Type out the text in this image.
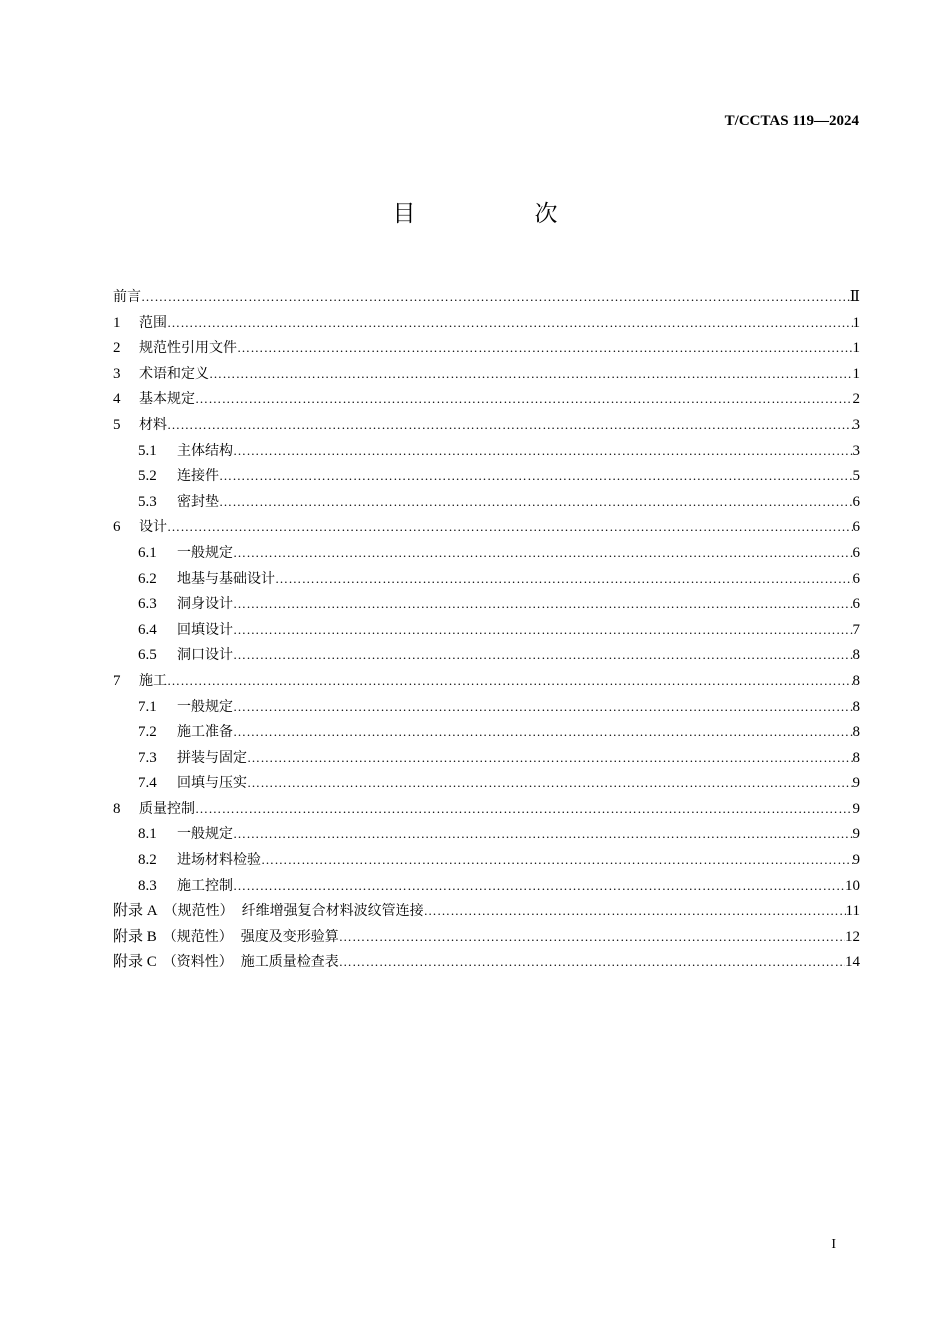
T/CCTAS 119—2024
目　次
前言 …………………………………………………………………………………………………………………………………………………………………………………………………………	Ⅱ
1	范围 …………………………………………………………………………………………………………………………………………………………………………………………………………	1
2	规范性引用文件 …………………………………………………………………………………………………………………………………………………………………………………………………………	1
3	术语和定义 …………………………………………………………………………………………………………………………………………………………………………………………………………	1
4	基本规定 …………………………………………………………………………………………………………………………………………………………………………………………………………	2
5	材料 …………………………………………………………………………………………………………………………………………………………………………………………………………	3
5.1	主体结构 …………………………………………………………………………………………………………………………………………………………………………………………………………	3
5.2	连接件 …………………………………………………………………………………………………………………………………………………………………………………………………………	5
5.3	密封垫 …………………………………………………………………………………………………………………………………………………………………………………………………………	6
6	设计 …………………………………………………………………………………………………………………………………………………………………………………………………………	6
6.1	一般规定 …………………………………………………………………………………………………………………………………………………………………………………………………………	6
6.2	地基与基础设计 …………………………………………………………………………………………………………………………………………………………………………………………………………	6
6.3	洞身设计 …………………………………………………………………………………………………………………………………………………………………………………………………………	6
6.4	回填设计 …………………………………………………………………………………………………………………………………………………………………………………………………………	7
6.5	洞口设计 …………………………………………………………………………………………………………………………………………………………………………………………………………	8
7	施工 …………………………………………………………………………………………………………………………………………………………………………………………………………	8
7.1	一般规定 …………………………………………………………………………………………………………………………………………………………………………………………………………	8
7.2	施工准备 …………………………………………………………………………………………………………………………………………………………………………………………………………	8
7.3	拼装与固定 …………………………………………………………………………………………………………………………………………………………………………………………………………	8
7.4	回填与压实 …………………………………………………………………………………………………………………………………………………………………………………………………………	9
8	质量控制 …………………………………………………………………………………………………………………………………………………………………………………………………………	9
8.1	一般规定 …………………………………………………………………………………………………………………………………………………………………………………………………………	9
8.2	进场材料检验 …………………………………………………………………………………………………………………………………………………………………………………………………………	9
8.3	施工控制 …………………………………………………………………………………………………………………………………………………………………………………………………………	10
附录 A （规范性） 纤维增强复合材料波纹管连接 …………………………………………………………………………………………………………………………………………………………………………………………………………	11
附录 B （规范性） 强度及变形验算 …………………………………………………………………………………………………………………………………………………………………………………………………………	12
附录 C （资料性） 施工质量检查表 …………………………………………………………………………………………………………………………………………………………………………………………………………	14
I
